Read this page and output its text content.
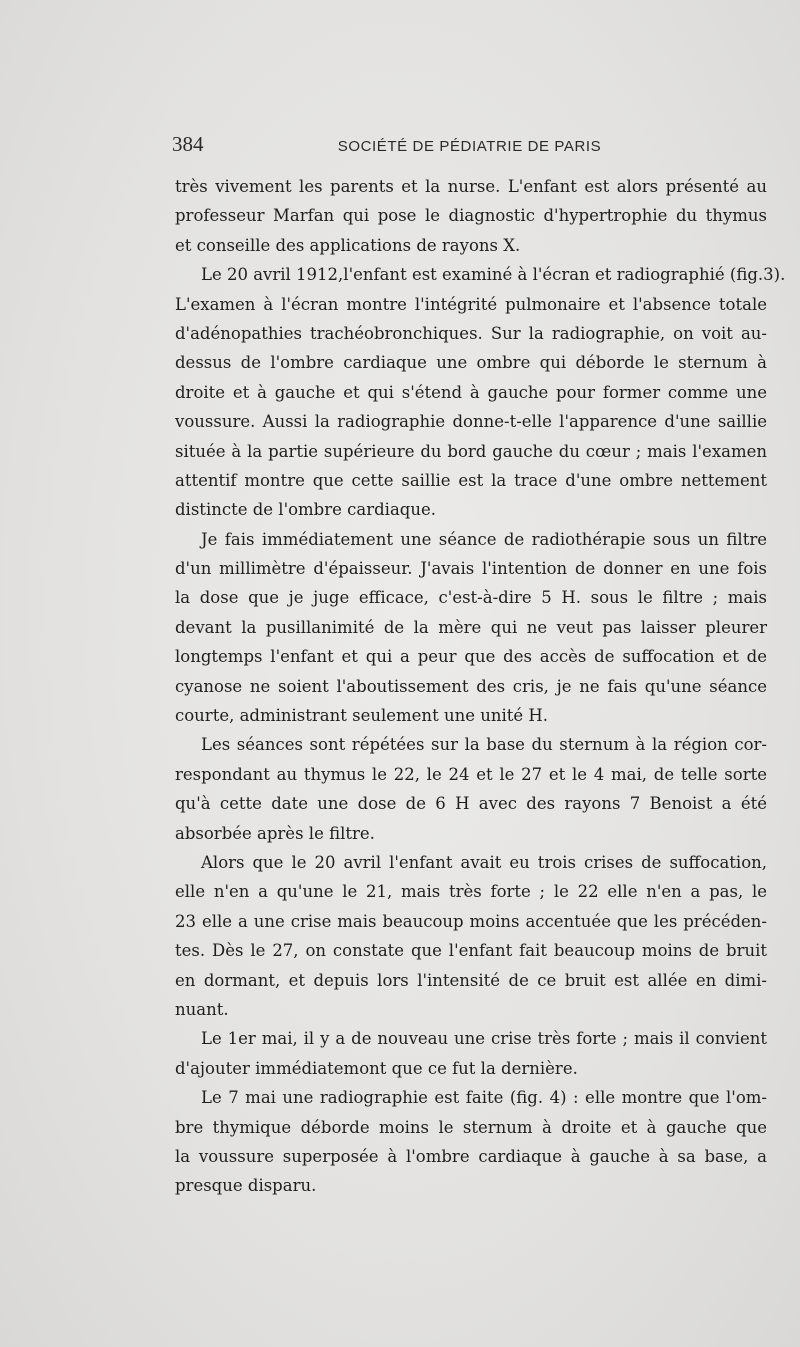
384	SOCIÉTÉ DE PÉDIATRIE DE PARIS
très vivement les parents et la nurse. L'enfant est alors présenté au
professeur Marfan qui pose le diagnostic d'hypertrophie du thymus
et conseille des applications de rayons X.
Le 20 avril 1912,l'enfant est examiné à l'écran et radiographié (fig.3).
L'examen à l'écran montre l'intégrité pulmonaire et l'absence totale
d'adénopathies trachéobronchiques. Sur la radiographie, on voit au-
dessus de l'ombre cardiaque une ombre qui déborde le sternum à
droite et à gauche et qui s'étend à gauche pour former comme une
voussure. Aussi la radiographie donne-t-elle l'apparence d'une saillie
située à la partie supérieure du bord gauche du cœur ; mais l'examen
attentif montre que cette saillie est la trace d'une ombre nettement
distincte de l'ombre cardiaque.
Je fais immédiatement une séance de radiothérapie sous un filtre
d'un millimètre d'épaisseur. J'avais l'intention de donner en une fois
la dose que je juge efficace, c'est-à-dire 5 H. sous le filtre ; mais
devant la pusillanimité de la mère qui ne veut pas laisser pleurer
longtemps l'enfant et qui a peur que des accès de suffocation et de
cyanose ne soient l'aboutissement des cris, je ne fais qu'une séance
courte, administrant seulement une unité H.
Les séances sont répétées sur la base du sternum à la région cor-
respondant au thymus le 22, le 24 et le 27 et le 4 mai, de telle sorte
qu'à cette date une dose de 6 H avec des rayons 7 Benoist a été
absorbée après le filtre.
Alors que le 20 avril l'enfant avait eu trois crises de suffocation,
elle n'en a qu'une le 21, mais très forte ; le 22 elle n'en a pas, le
23 elle a une crise mais beaucoup moins accentuée que les précéden-
tes. Dès le 27, on constate que l'enfant fait beaucoup moins de bruit
en dormant, et depuis lors l'intensité de ce bruit est allée en dimi-
nuant.
Le 1er mai, il y a de nouveau une crise très forte ; mais il convient
d'ajouter immédiatemont que ce fut la dernière.
Le 7 mai une radiographie est faite (fig. 4) : elle montre que l'om-
bre thymique déborde moins le sternum à droite et à gauche que
la voussure superposée à l'ombre cardiaque à gauche à sa base, a
presque disparu.
